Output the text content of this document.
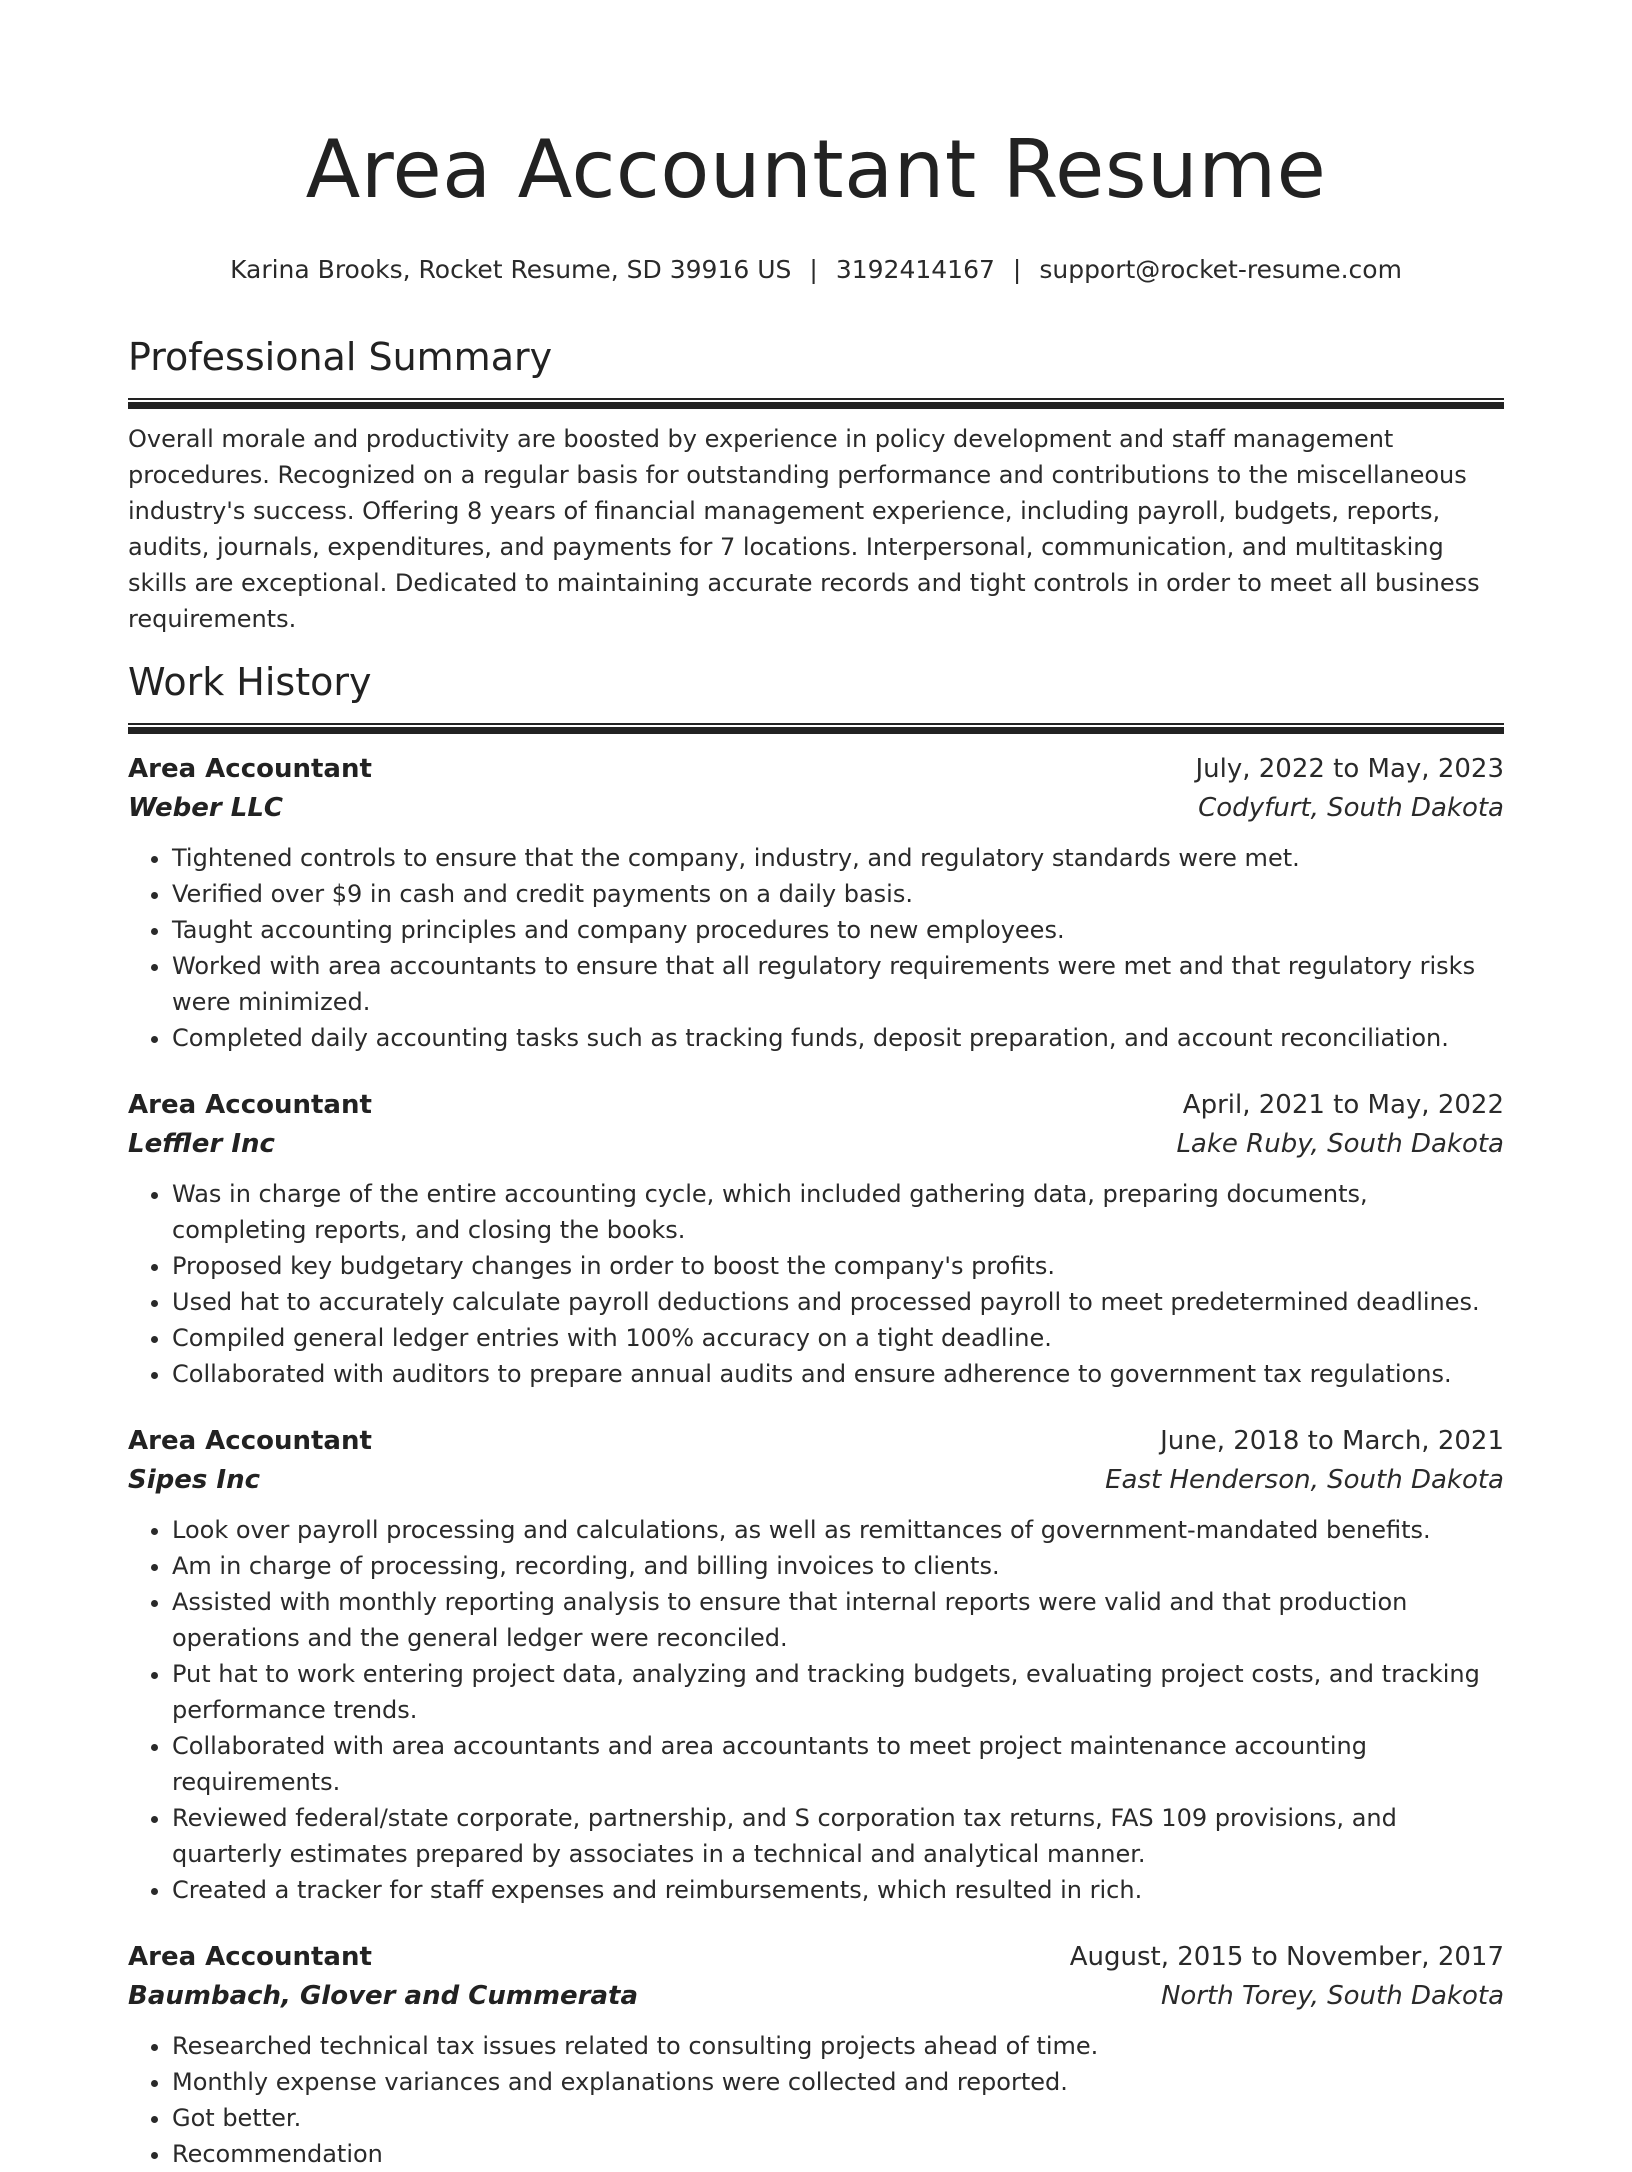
Area Accountant Resume
Karina Brooks, Rocket Resume, SD 39916 US | 3192414167 | support@rocket-resume.com
Professional Summary

Overall morale and productivity are boosted by experience in policy development and staff management procedures. Recognized on a regular basis for outstanding performance and contributions to the miscellaneous industry's success. Offering 8 years of financial management experience, including payroll, budgets, reports, audits, journals, expenditures, and payments for 7 locations. Interpersonal, communication, and multitasking skills are exceptional. Dedicated to maintaining accurate records and tight controls in order to meet all business requirements.

Work History
Area Accountant	July, 2022 to May, 2023
Weber LLC	Codyfurt, South Dakota
• Tightened controls to ensure that the company, industry, and regulatory standards were met.
• Verified over $9 in cash and credit payments on a daily basis.
• Taught accounting principles and company procedures to new employees.
• Worked with area accountants to ensure that all regulatory requirements were met and that regulatory risks were minimized.
• Completed daily accounting tasks such as tracking funds, deposit preparation, and account reconciliation.
Area Accountant	April, 2021 to May, 2022
Leffler Inc	Lake Ruby, South Dakota
• Was in charge of the entire accounting cycle, which included gathering data, preparing documents, completing reports, and closing the books.
• Proposed key budgetary changes in order to boost the company's profits.
• Used hat to accurately calculate payroll deductions and processed payroll to meet predetermined deadlines.
• Compiled general ledger entries with 100% accuracy on a tight deadline.
• Collaborated with auditors to prepare annual audits and ensure adherence to government tax regulations.
Area Accountant	June, 2018 to March, 2021
Sipes Inc	East Henderson, South Dakota
• Look over payroll processing and calculations, as well as remittances of government-mandated benefits.
• Am in charge of processing, recording, and billing invoices to clients.
• Assisted with monthly reporting analysis to ensure that internal reports were valid and that production operations and the general ledger were reconciled.
• Put hat to work entering project data, analyzing and tracking budgets, evaluating project costs, and tracking performance trends.
• Collaborated with area accountants and area accountants to meet project maintenance accounting requirements.
• Reviewed federal/state corporate, partnership, and S corporation tax returns, FAS 109 provisions, and quarterly estimates prepared by associates in a technical and analytical manner.
• Created a tracker for staff expenses and reimbursements, which resulted in rich.
Area Accountant	August, 2015 to November, 2017
Baumbach, Glover and Cummerata	North Torey, South Dakota
• Researched technical tax issues related to consulting projects ahead of time.
• Monthly expense variances and explanations were collected and reported.
• Got better.
• Recommendation
